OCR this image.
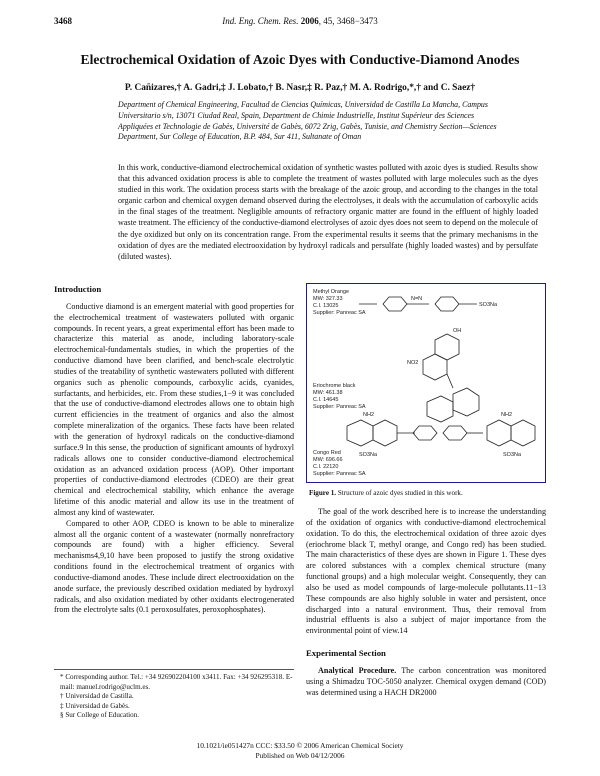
3468	Ind. Eng. Chem. Res. 2006, 45, 3468−3473
Electrochemical Oxidation of Azoic Dyes with Conductive-Diamond Anodes
P. Cañizares,† A. Gadri,‡ J. Lobato,† B. Nasr,‡ R. Paz,† M. A. Rodrigo,*,† and C. Saez†
Department of Chemical Engineering, Facultad de Ciencias Químicas, Universidad de Castilla La Mancha, Campus Universitario s/n, 13071 Ciudad Real, Spain, Department de Chimie Industrielle, Institut Supérieur des Sciences Appliquées et Technologie de Gabès, Université de Gabès, 6072 Zrig, Gabès, Tunisie, and Chemistry Section—Sciences Department, Sur College of Education, B.P. 484, Sur 411, Sultanate of Oman
In this work, conductive-diamond electrochemical oxidation of synthetic wastes polluted with azoic dyes is studied. Results show that this advanced oxidation process is able to complete the treatment of wastes polluted with large molecules such as the dyes studied in this work. The oxidation process starts with the breakage of the azoic group, and according to the changes in the total organic carbon and chemical oxygen demand observed during the electrolyses, it deals with the accumulation of carboxylic acids in the final stages of the treatment. Negligible amounts of refractory organic matter are found in the effluent of highly loaded waste treatment. The efficiency of the conductive-diamond electrolyses of azoic dyes does not seem to depend on the molecule of the dye oxidized but only on its concentration range. From the experimental results it seems that the primary mechanisms in the oxidation of dyes are the mediated electrooxidation by hydroxyl radicals and persulfate (highly loaded wastes) and by persulfate (diluted wastes).
Introduction

Conductive diamond is an emergent material with good properties for the electrochemical treatment of wastewaters polluted with organic compounds. In recent years, a great experimental effort has been made to characterize this material as anode, including laboratory-scale electrochemical-fundamentals studies, in which the properties of the conductive diamond have been clarified, and bench-scale electrolytic studies of the treatability of synthetic wastewaters polluted with different organics such as phenolic compounds, carboxylic acids, cyanides, surfactants, and herbicides, etc. From these studies,1−9 it was concluded that the use of conductive-diamond electrodes allows one to obtain high current efficiencies in the treatment of organics and also the almost complete mineralization of the organics. These facts have been related with the generation of hydroxyl radicals on the conductive-diamond surface.9 In this sense, the production of significant amounts of hydroxyl radicals allows one to consider conductive-diamond electrochemical oxidation as an advanced oxidation process (AOP). Other important properties of conductive-diamond electrodes (CDEO) are their great chemical and electrochemical stability, which enhance the average lifetime of this anodic material and allow its use in the treatment of almost any kind of wastewater.

Compared to other AOP, CDEO is known to be able to mineralize almost all the organic content of a wastewater (normally nonrefractory compounds are found) with a higher efficiency. Several mechanisms4,9,10 have been proposed to justify the strong oxidative conditions found in the electrochemical treatment of organics with conductive-diamond anodes. These include direct electrooxidation on the anode surface, the previously described oxidation mediated by hydroxyl radicals, and also oxidation mediated by other oxidants electrogenerated from the electrolyte salts (0.1 peroxosulfates, peroxophosphates).

* Corresponding author. Tel.: +34 926902204100 x3411. Fax: +34 926295318. E-mail: manuel.rodrigo@uclm.es.
† Universidad de Castilla.
‡ Universidad de Gabès.
§ Sur College of Education.
Methyl Orange
MW: 327.33
C.I. 13025
Supplier: Panreac SA
Eriochrome black
MW: 461.38
C.I. 14645
Supplier: Panreac SA
Congo Red
MW: 696.66
C.I. 22120
Supplier: Panreac SA
SO3Na
N=N
OH
NO2
NH2
SO3Na
NH2
SO3Na
Figure 1. Structure of azoic dyes studied in this work.

The goal of the work described here is to increase the understanding of the oxidation of organics with conductive-diamond electrochemical oxidation. To do this, the electrochemical oxidation of three azoic dyes (eriochrome black T, methyl orange, and Congo red) has been studied. The main characteristics of these dyes are shown in Figure 1. These dyes are colored substances with a complex chemical structure (many functional groups) and a high molecular weight. Consequently, they can also be used as model compounds of large-molecule pollutants.11−13 These compounds are also highly soluble in water and persistent, once discharged into a natural environment. Thus, their removal from industrial effluents is also a subject of major importance from the environmental point of view.14

Experimental Section

Analytical Procedure. The carbon concentration was monitored using a Shimadzu TOC-5050 analyzer. Chemical oxygen demand (COD) was determined using a HACH DR2000

10.1021/ie051427n CCC: $33.50 © 2006 American Chemical Society
Published on Web 04/12/2006
